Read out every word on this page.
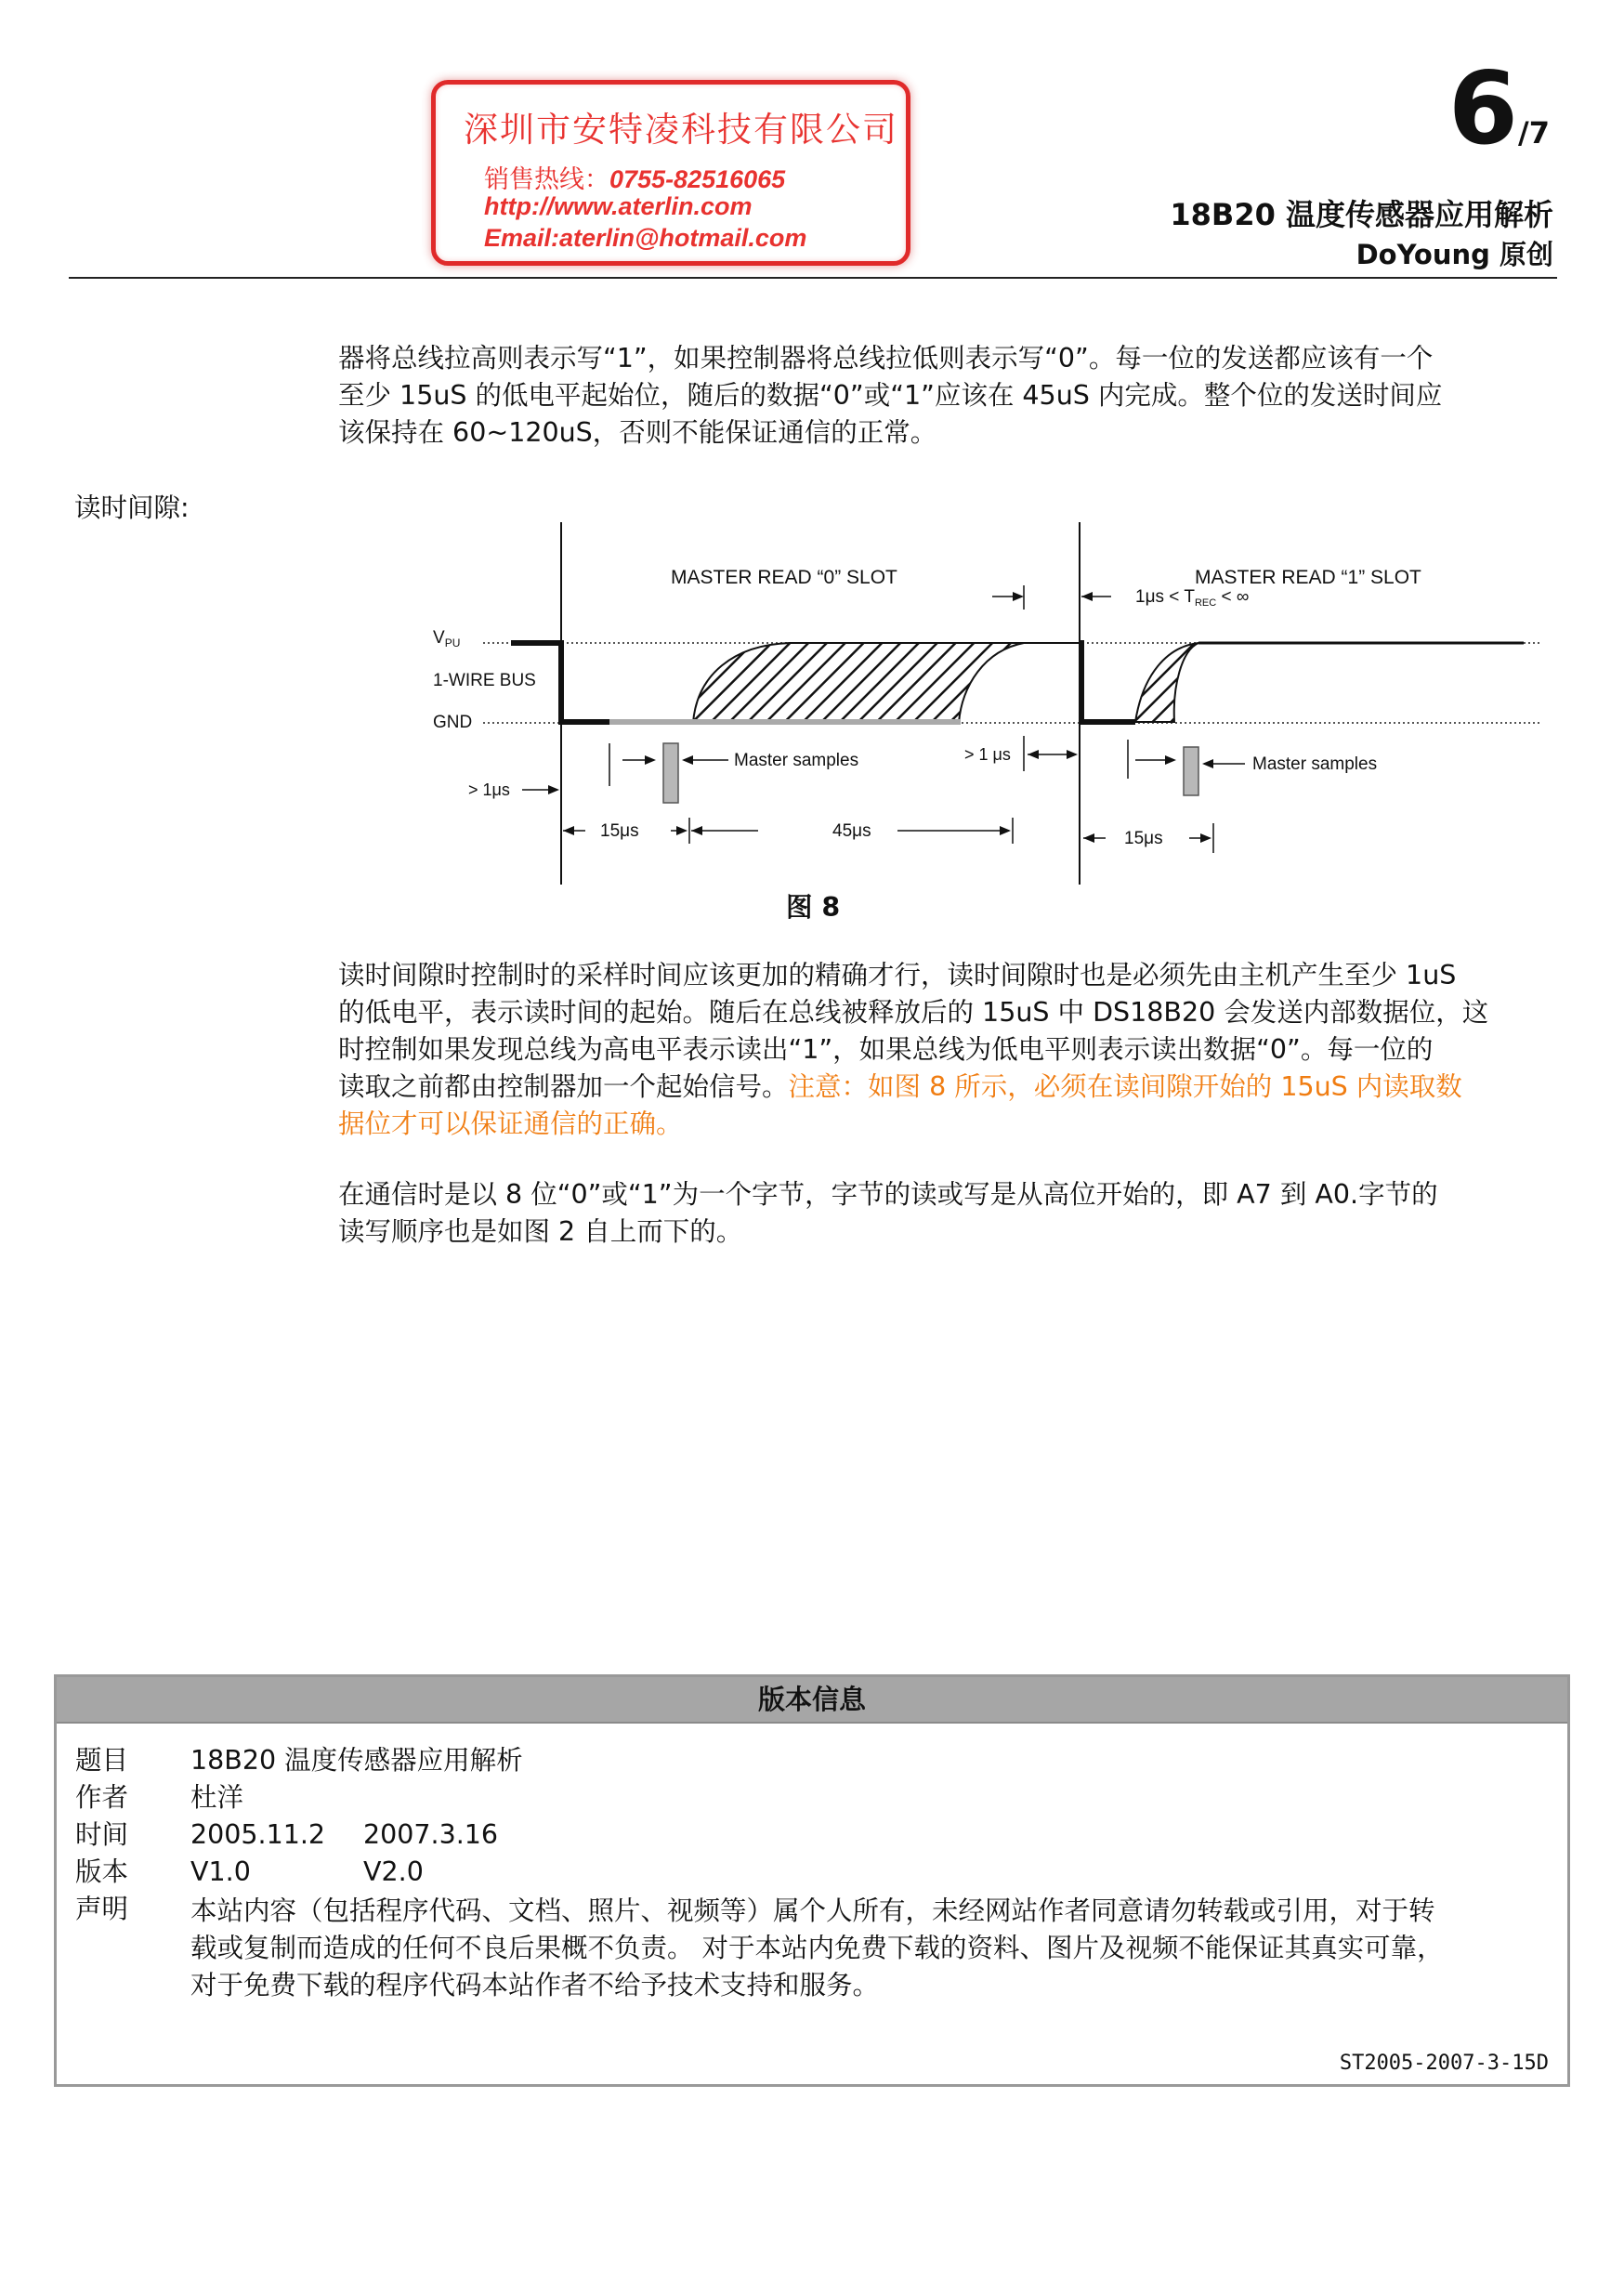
深圳市安特凌科技有限公司
销售热线：0755-82516065
http://www.aterlin.com
Email:aterlin@hotmail.com
6/7
18B20 温度传感器应用解析
DoYoung 原创

器将总线拉高则表示写“1”，如果控制器将总线拉低则表示写“0”。每一位的发送都应该有一个

至少 15uS 的低电平起始位，随后的数据“0”或“1”应该在 45uS 内完成。整个位的发送时间应

该保持在 60~120uS，否则不能保证通信的正常。

读时间隙:
$V_{PU}$
1-WIRE BUS
GND
MASTER READ “0” SLOT	MASTER READ “1” SLOT
$1\mu s < T_{REC}$ < ∞
> 1 μs
> 1μs
Master samples
15μs	45μs
Master samples
15μs
图 8

读时间隙时控制时的采样时间应该更加的精确才行，读时间隙时也是必须先由主机产生至少 1uS

的低电平，表示读时间的起始。随后在总线被释放后的 15uS 中 DS18B20 会发送内部数据位，这

时控制如果发现总线为高电平表示读出“1”，如果总线为低电平则表示读出数据“0”。每一位的

读取之前都由控制器加一个起始信号。注意：如图 8 所示，必须在读间隙开始的 15uS 内读取数

据位才可以保证通信的正确。

在通信时是以 8 位“0”或“1”为一个字节，字节的读或写是从高位开始的，即 A7 到 A0.字节的

读写顺序也是如图 2 自上而下的。

版本信息
题目	18B20 温度传感器应用解析
作者	杜洋
时间	2005.11.2 2007.3.16
版本	V1.0	V2.0
声明	本站内容（包括程序代码、文档、照片、视频等）属个人所有，未经网站作者同意请勿转载或引用，对于转

载或复制而造成的任何不良后果概不负责。 对于本站内免费下载的资料、图片及视频不能保证其真实可靠，

对于免费下载的程序代码本站作者不给予技术支持和服务。

ST2005-2007-3-15D
